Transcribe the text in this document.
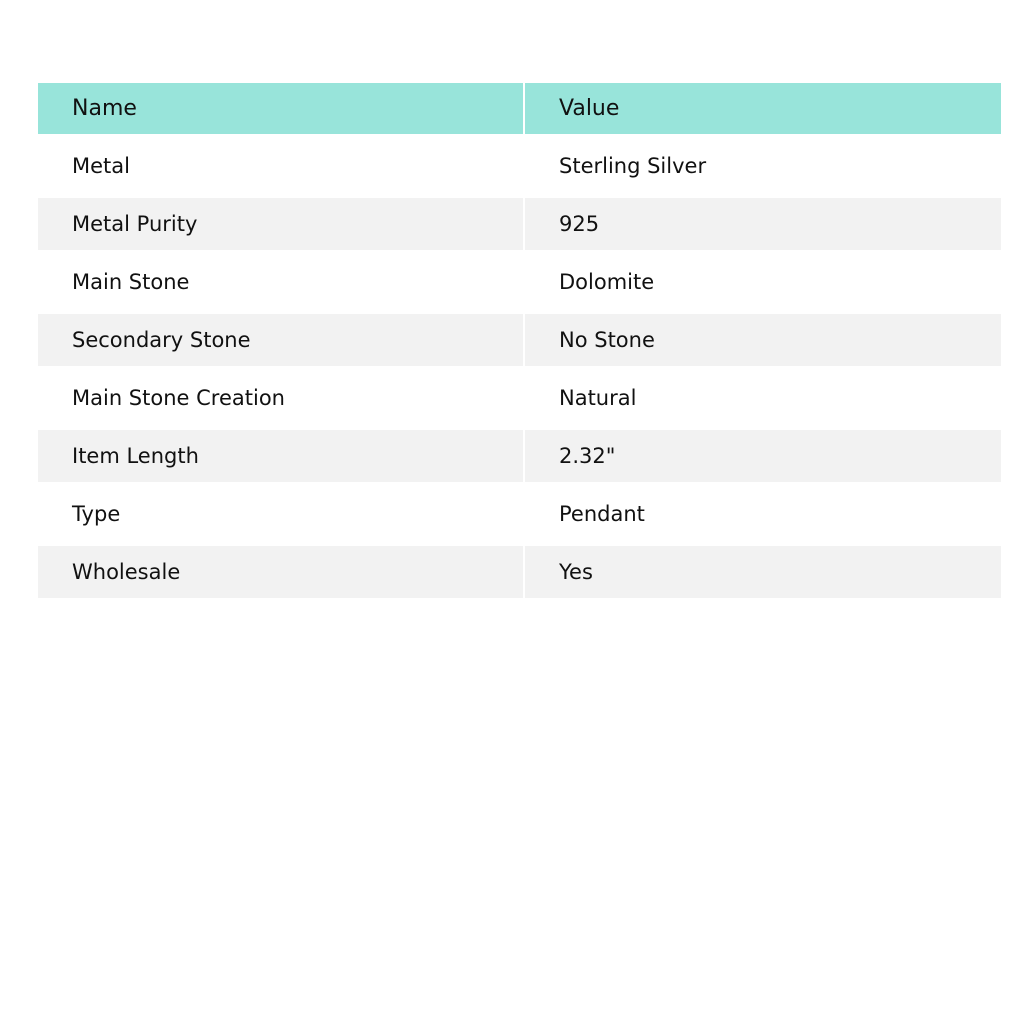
Name	Value
Metal	Sterling Silver
Metal Purity	925
Main Stone	Dolomite
Secondary Stone	No Stone
Main Stone Creation	Natural
Item Length	2.32"
Type	Pendant
Wholesale	Yes
